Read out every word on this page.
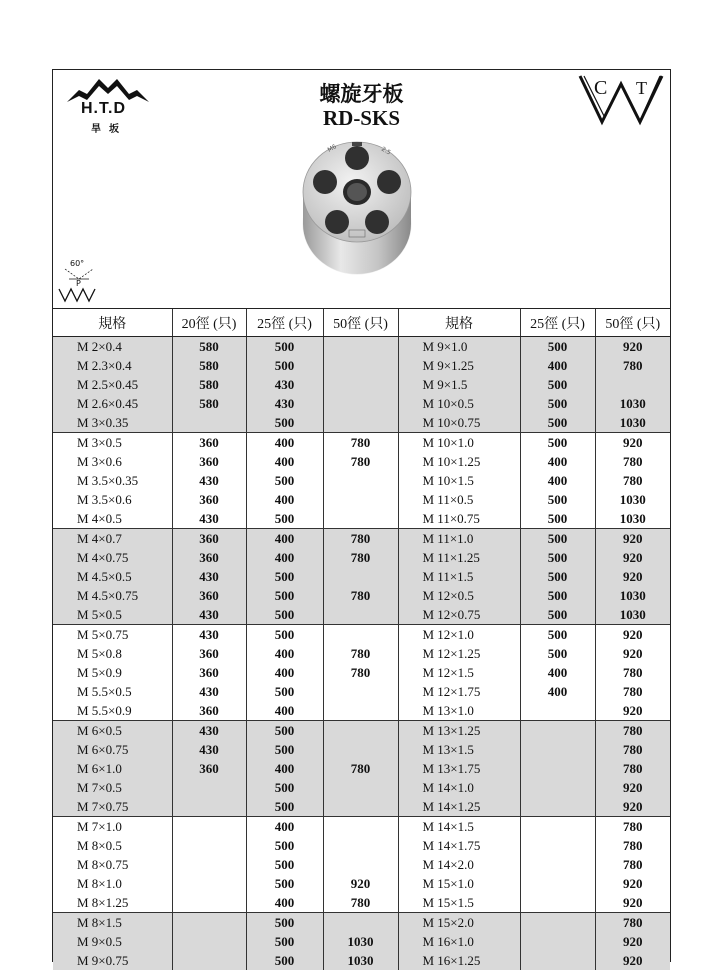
H.T.D
旱坂
螺旋牙板
RD-SKS
C T
M6	2.5
60°
P
規格	20徑 (只)	25徑 (只)	50徑 (只)	規格	25徑 (只)	50徑 (只)
M 2×0.4	580	500		M 9×1.0	500	920
M 2.3×0.4	580	500		M 9×1.25	400	780
M 2.5×0.45	580	430		M 9×1.5	500	
M 2.6×0.45	580	430		M 10×0.5	500	1030
M 3×0.35		500		M 10×0.75	500	1030
M 3×0.5	360	400	780	M 10×1.0	500	920
M 3×0.6	360	400	780	M 10×1.25	400	780
M 3.5×0.35	430	500		M 10×1.5	400	780
M 3.5×0.6	360	400		M 11×0.5	500	1030
M 4×0.5	430	500		M 11×0.75	500	1030
M 4×0.7	360	400	780	M 11×1.0	500	920
M 4×0.75	360	400	780	M 11×1.25	500	920
M 4.5×0.5	430	500		M 11×1.5	500	920
M 4.5×0.75	360	500	780	M 12×0.5	500	1030
M 5×0.5	430	500		M 12×0.75	500	1030
M 5×0.75	430	500		M 12×1.0	500	920
M 5×0.8	360	400	780	M 12×1.25	500	920
M 5×0.9	360	400	780	M 12×1.5	400	780
M 5.5×0.5	430	500		M 12×1.75	400	780
M 5.5×0.9	360	400		M 13×1.0		920
M 6×0.5	430	500		M 13×1.25		780
M 6×0.75	430	500		M 13×1.5		780
M 6×1.0	360	400	780	M 13×1.75		780
M 7×0.5		500		M 14×1.0		920
M 7×0.75		500		M 14×1.25		920
M 7×1.0		400		M 14×1.5		780
M 8×0.5		500		M 14×1.75		780
M 8×0.75		500		M 14×2.0		780
M 8×1.0		500	920	M 15×1.0		920
M 8×1.25		400	780	M 15×1.5		920
M 8×1.5		500		M 15×2.0		780
M 9×0.5		500	1030	M 16×1.0		920
M 9×0.75		500	1030	M 16×1.25		920
